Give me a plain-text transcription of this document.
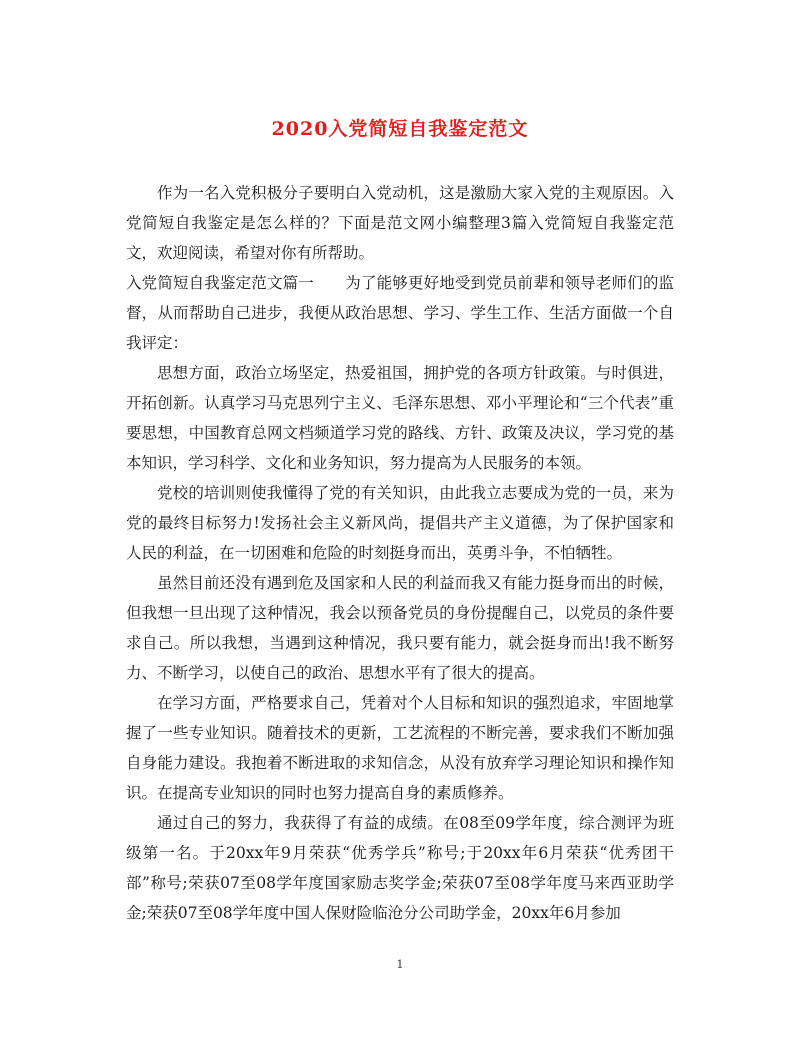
2020入党简短自我鉴定范文

作为一名入党积极分子要明白入党动机，这是激励大家入党的主观原因。入党简短自我鉴定是怎么样的？下面是范文网小编整理3篇入党简短自我鉴定范文，欢迎阅读，希望对你有所帮助。

入党简短自我鉴定范文篇一　　为了能够更好地受到党员前辈和领导老师们的监督，从而帮助自己进步，我便从政治思想、学习、学生工作、生活方面做一个自我评定：

思想方面，政治立场坚定，热爱祖国，拥护党的各项方针政策。与时俱进，开拓创新。认真学习马克思列宁主义、毛泽东思想、邓小平理论和“三个代表”重要思想，中国教育总网文档频道学习党的路线、方针、政策及决议，学习党的基本知识，学习科学、文化和业务知识，努力提高为人民服务的本领。

党校的培训则使我懂得了党的有关知识，由此我立志要成为党的一员，来为党的最终目标努力!发扬社会主义新风尚，提倡共产主义道德，为了保护国家和人民的利益，在一切困难和危险的时刻挺身而出，英勇斗争，不怕牺牲。

虽然目前还没有遇到危及国家和人民的利益而我又有能力挺身而出的时候，但我想一旦出现了这种情况，我会以预备党员的身份提醒自己，以党员的条件要求自己。所以我想，当遇到这种情况，我只要有能力，就会挺身而出!我不断努力、不断学习，以使自己的政治、思想水平有了很大的提高。

在学习方面，严格要求自己，凭着对个人目标和知识的强烈追求，牢固地掌握了一些专业知识。随着技术的更新，工艺流程的不断完善，要求我们不断加强自身能力建设。我抱着不断进取的求知信念，从没有放弃学习理论知识和操作知识。在提高专业知识的同时也努力提高自身的素质修养。

通过自己的努力，我获得了有益的成绩。在08至09学年度，综合测评为班级第一名。于20xx年9月荣获“优秀学兵”称号;于20xx年6月荣获“优秀团干部”称号;荣获07至08学年度国家励志奖学金;荣获07至08学年度马来西亚助学金;荣获07至08学年度中国人保财险临沧分公司助学金，20xx年6月参加

1
